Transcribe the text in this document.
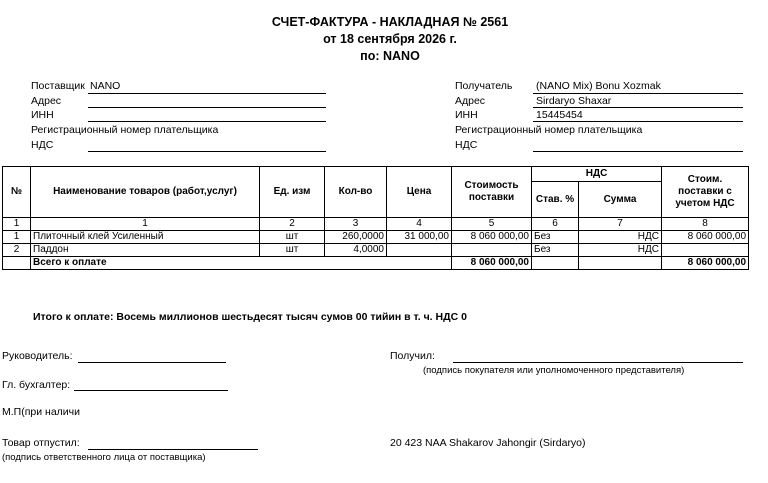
СЧЕТ-ФАКТУРА - НАКЛАДНАЯ № 2561
от 18 сентября 2026 г.
по: NANO
Поставщик NANO
Адрес
ИНН
Регистрационный номер плательщика
НДС
Получатель (NANO Mix) Bonu Xozmak
Адрес	Sirdaryo Shaxar
ИНН	15445454
Регистрационный номер плательщика
НДС
№	Наименование товаров (работ,услуг)	Ед. изм	Кол-во	Цена	Стоимость поставки	НДС		Стоим. поставки с учетом НДС
						Став. %	Сумма	
1	1	2	3	4	5	6	7	8
1	Плиточный клей Усиленный	шт	260,0000	31 000,00	8 060 000,00	Без	НДС	8 060 000,00
2	Паддон	шт	4,0000			Без	НДС	
	Всего к оплате				8 060 000,00			8 060 000,00
Итого к оплате: Восемь миллионов шестьдесят тысяч сумов 00 тийин в т. ч. НДС 0
Руководитель:	Получил:
(подпись покупателя или уполномоченного представителя)
Гл. бухгалтер:
М.П(при наличи
Товар отпустил:
(подпись ответственного лица от поставщика)
20 423 NAA Shakarov Jahongir (Sirdaryo)
